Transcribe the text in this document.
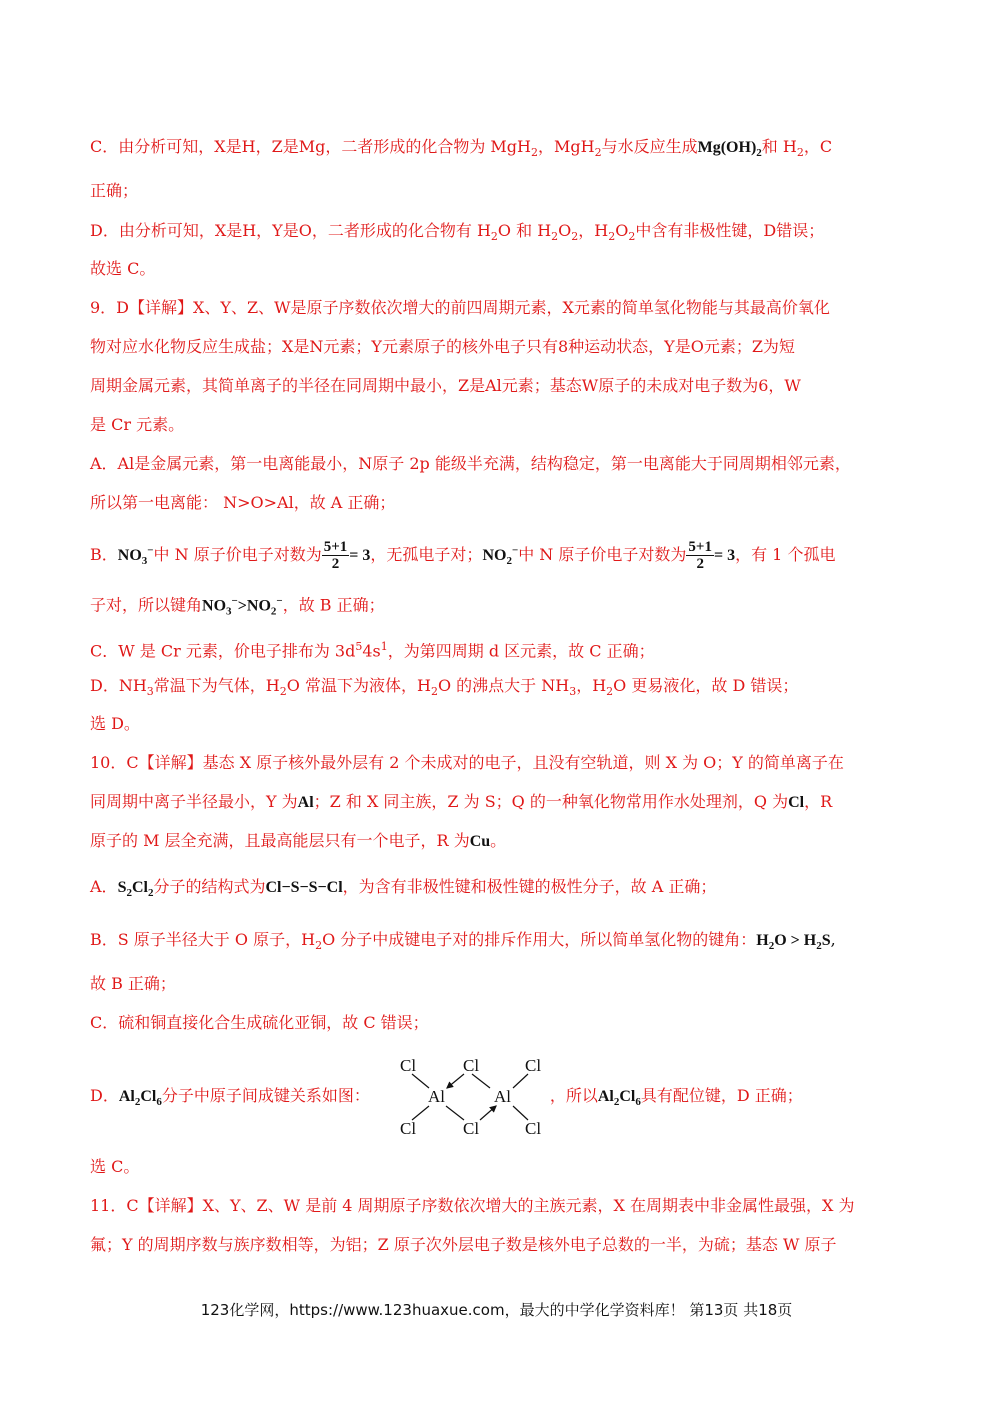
C．由分析可知，X是H，Z是Mg，二者形成的化合物为 MgH$_2$，MgH$_2$与水反应生成$Mg(OH)_2$和 $H_2$，C
正确；
D．由分析可知，X是H，Y是O，二者形成的化合物有 $H_2O$ 和 $H_2O_2$，$H_2O_2$中含有非极性键，D错误；
故选 C。
9．D【详解】X、Y、Z、W是原子序数依次增大的前四周期元素，X元素的简单氢化物能与其最高价氧化
物对应水化物反应生成盐；X是N元素；Y元素原子的核外电子只有8种运动状态，Y是O元素；Z为短
周期金属元素，其简单离子的半径在同周期中最小，Z是Al元素；基态W原子的未成对电子数为6，W
是 Cr 元素。
A．Al是金属元素，第一电离能最小，N原子 2p 能级半充满，结构稳定，第一电离能大于同周期相邻元素，
所以第一电离能： N>O>Al，故 A 正确；
B．$NO_3^-$中 N 原子价电子对数为 $\frac{5+1}{2} = 3$，无孤电子对；$NO_2^-$中 N 原子价电子对数为 $\frac{5+1}{2} = 3$，有 1 个孤电
子对，所以键角$NO_3^->NO_2^-$，故 B 正确；
C．W 是 Cr 元素，价电子排布为 $3d^54s^1$，为第四周期 d 区元素，故 C 正确；
D．$NH_3$常温下为气体，$H_2O$ 常温下为液体，$H_2O$ 的沸点大于 $NH_3$，$H_2O$ 更易液化，故 D 错误；
选 D。
10．C【详解】基态 X 原子核外最外层有 2 个未成对的电子，且没有空轨道，则 X 为 O；Y 的简单离子在
同周期中离子半径最小，Y 为Al；Z 和 X 同主族，Z 为 S；Q 的一种氧化物常用作水处理剂，Q 为Cl，R
原子的 M 层全充满，且最高能层只有一个电子，R 为Cu。
A．$S_2Cl_2$分子的结构式为Cl−S−S−Cl，为含有非极性键和极性键的极性分子，故 A 正确；
B．S 原子半径大于 O 原子，$H_2O$ 分子中成键电子对的排斥作用大，所以简单氢化物的键角：$H_2O > H_2S$,
故 B 正确；
C．硫和铜直接化合生成硫化亚铜，故 C 错误；
D．$Al_2Cl_6$分子中原子间成键关系如图：	，所以$Al_2Cl_6$具有配位键，D 正确；
选 C。
11．C【详解】X、Y、Z、W 是前 4 周期原子序数依次增大的主族元素，X 在周期表中非金属性最强，X 为
氟；Y 的周期序数与族序数相等，为铝；Z 原子次外层电子数是核外电子总数的一半，为硫；基态 W 原子
Cl	Cl	Cl
Al	Al
Cl	Cl	Cl
123化学网，https://www.123huaxue.com，最大的中学化学资料库！ 第13页 共18页
